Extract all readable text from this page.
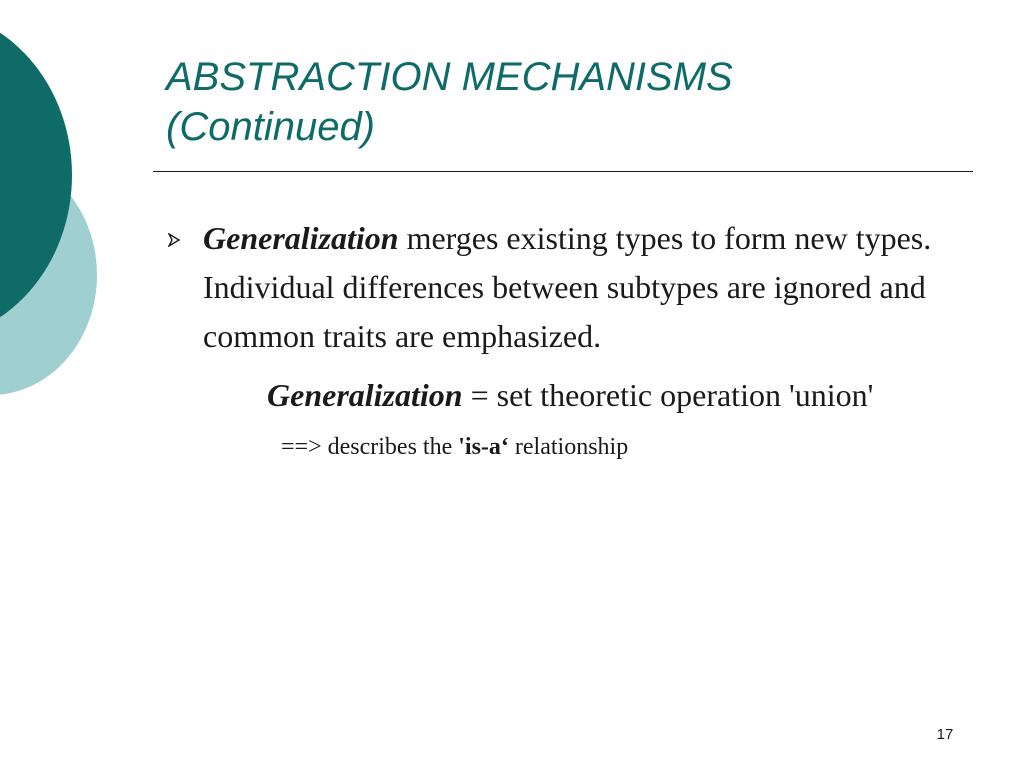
ABSTRACTION MECHANISMS
(Continued)
Generalization merges existing types to form new types. Individual differences between subtypes are ignored and common traits are emphasized.
Generalization = set theoretic operation 'union'
==> describes the 'is-a‘ relationship
17
